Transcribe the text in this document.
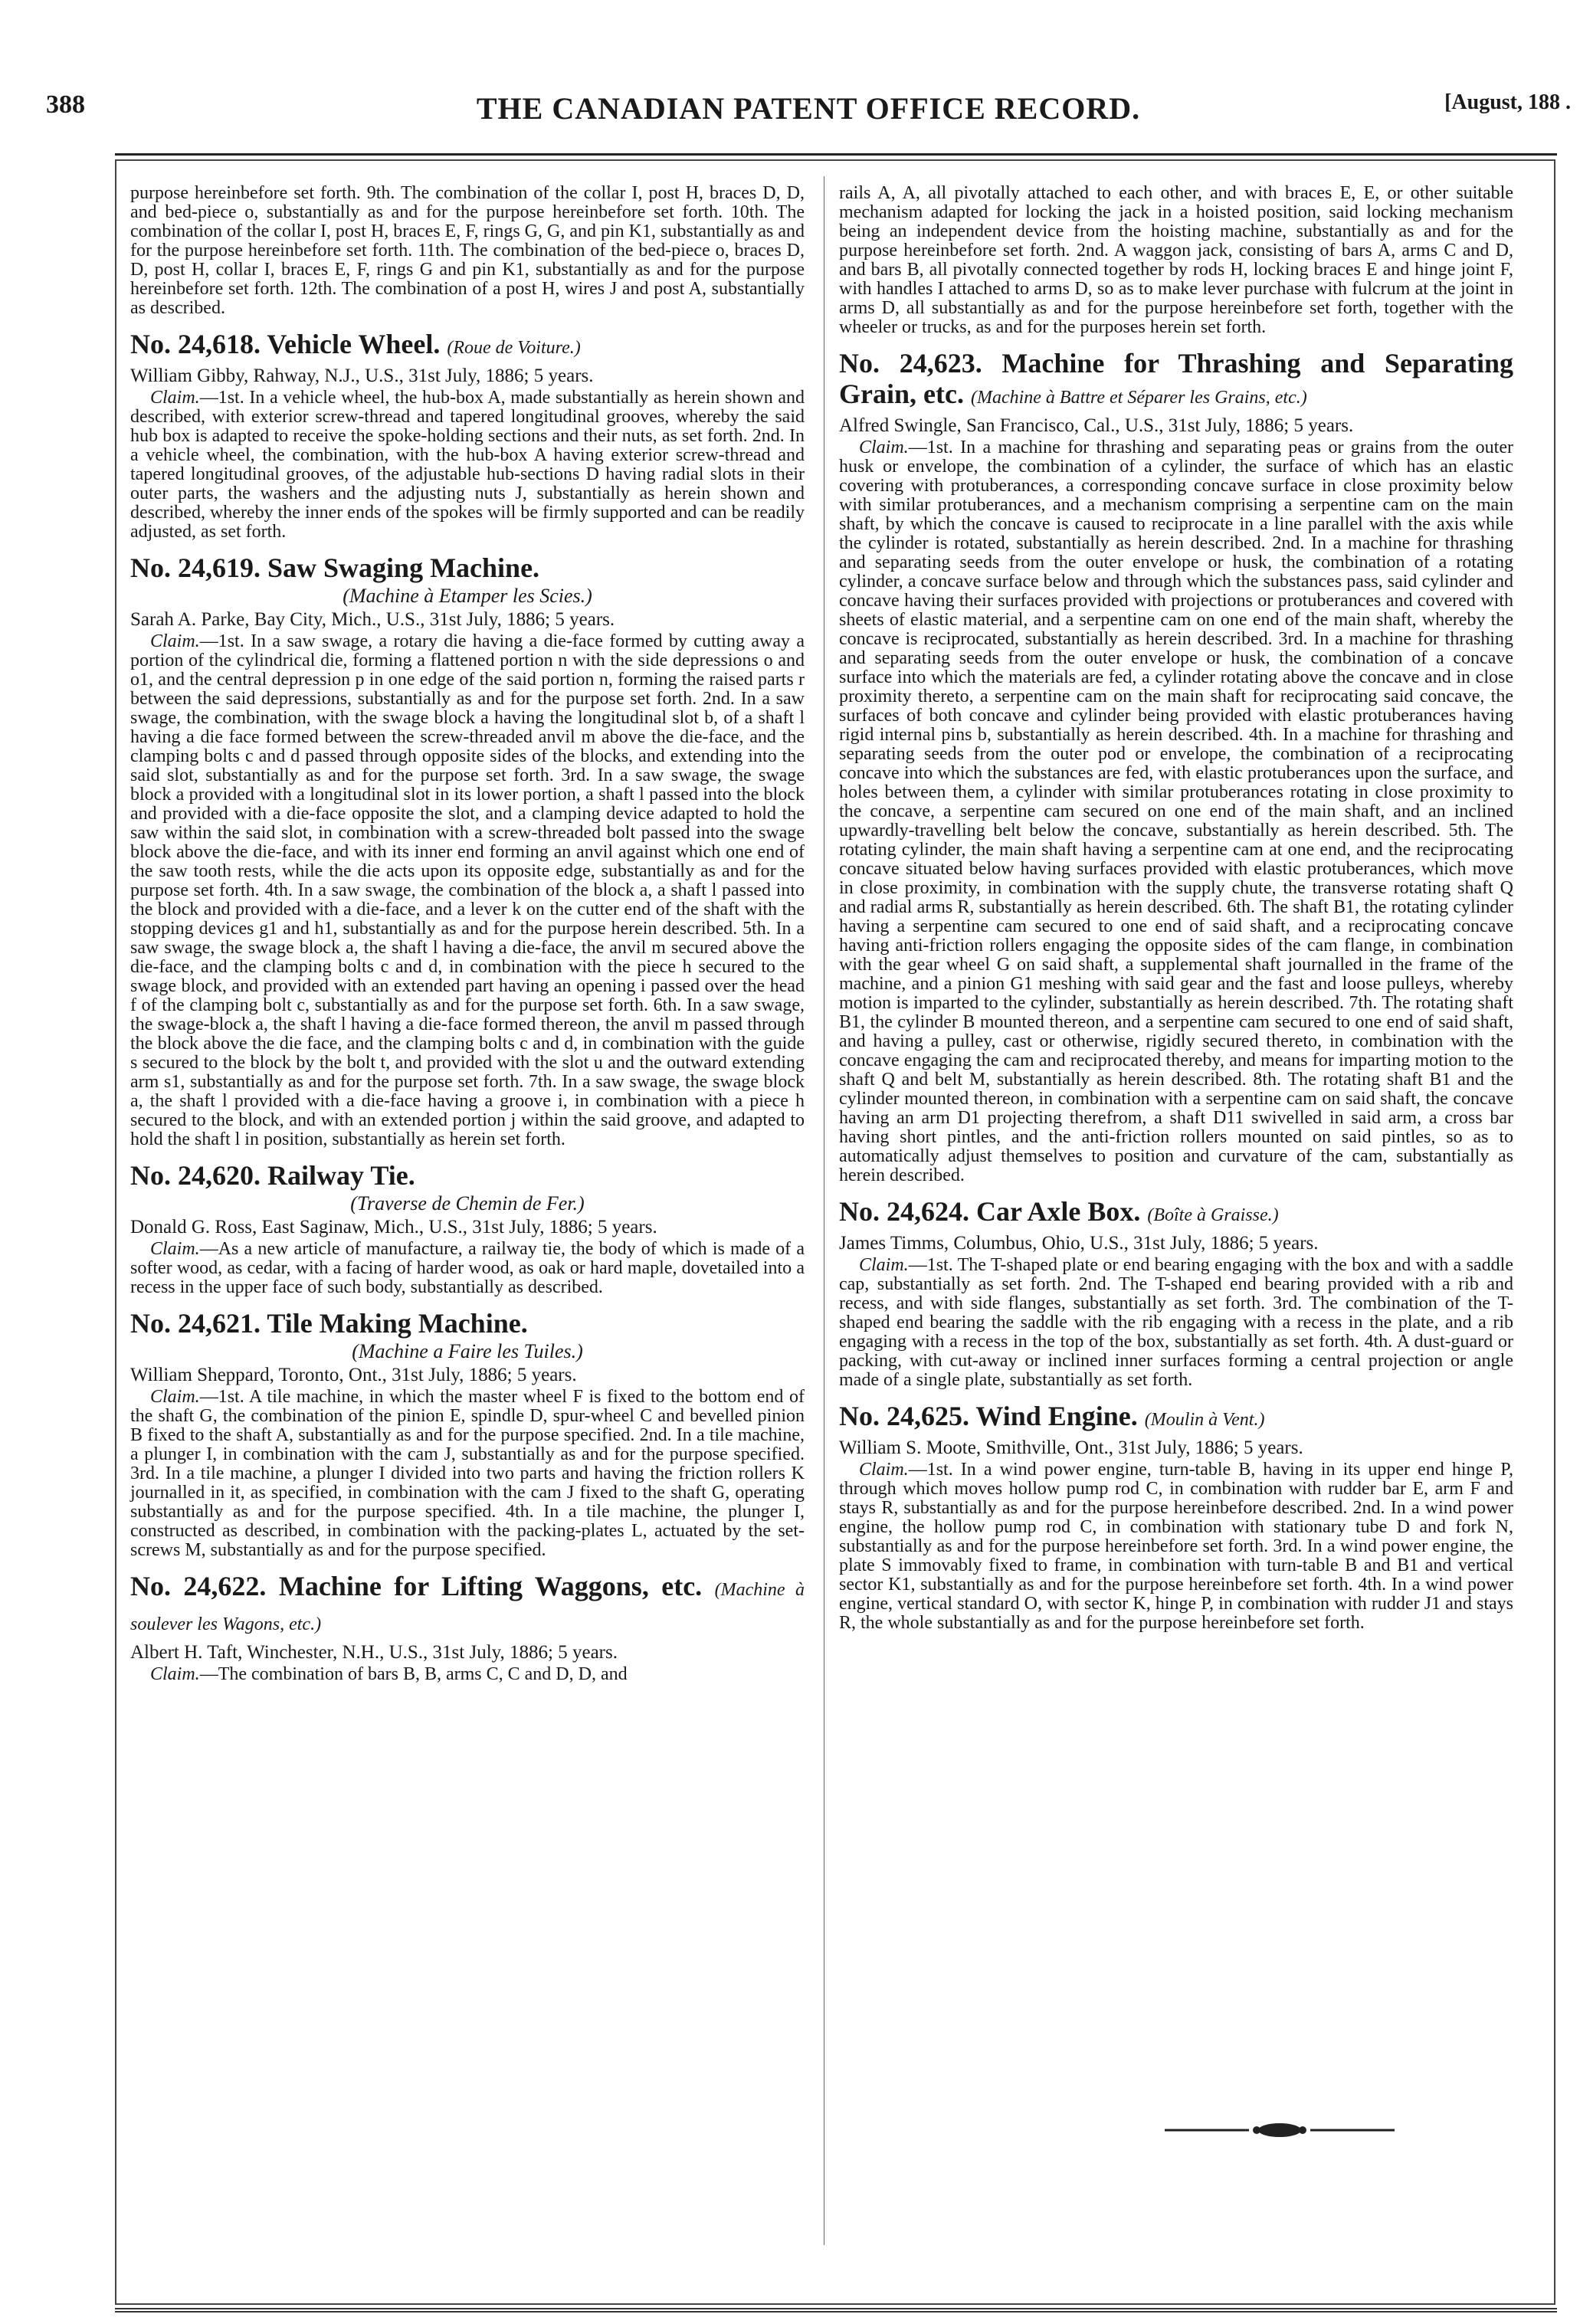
388	THE CANADIAN PATENT OFFICE RECORD.	[August, 188 .

purpose hereinbefore set forth. 9th. The combination of the collar I, post H, braces D, D, and bed-piece o, substantially as and for the purpose hereinbefore set forth. 10th. The combination of the collar I, post H, braces E, F, rings G, G, and pin K1, substantially as and for the purpose hereinbefore set forth. 11th. The combination of the bed-piece o, braces D, D, post H, collar I, braces E, F, rings G and pin K1, substantially as and for the purpose hereinbefore set forth. 12th. The combination of a post H, wires J and post A, substantially as described.

No. 24,618. Vehicle Wheel. (Roue de Voiture.)
William Gibby, Rahway, N.J., U.S., 31st July, 1886; 5 years.

Claim.—1st. In a vehicle wheel, the hub-box A, made substantially as herein shown and described, with exterior screw-thread and tapered longitudinal grooves, whereby the said hub box is adapted to receive the spoke-holding sections and their nuts, as set forth. 2nd. In a vehicle wheel, the combination, with the hub-box A having exterior screw-thread and tapered longitudinal grooves, of the adjustable hub-sections D having radial slots in their outer parts, the washers and the adjusting nuts J, substantially as herein shown and described, whereby the inner ends of the spokes will be firmly supported and can be readily adjusted, as set forth.

No. 24,619. Saw Swaging Machine.
(Machine à Etamper les Scies.)
Sarah A. Parke, Bay City, Mich., U.S., 31st July, 1886; 5 years.

Claim.—1st. In a saw swage, a rotary die having a die-face formed by cutting away a portion of the cylindrical die, forming a flattened portion n with the side depressions o and o1, and the central depression p in one edge of the said portion n, forming the raised parts r between the said depressions, substantially as and for the purpose set forth. 2nd. In a saw swage, the combination, with the swage block a having the longitudinal slot b, of a shaft l having a die face formed between the screw-threaded anvil m above the die-face, and the clamping bolts c and d passed through opposite sides of the blocks, and extending into the said slot, substantially as and for the purpose set forth. 3rd. In a saw swage, the swage block a provided with a longitudinal slot in its lower portion, a shaft l passed into the block and provided with a die-face opposite the slot, and a clamping device adapted to hold the saw within the said slot, in combination with a screw-threaded bolt passed into the swage block above the die-face, and with its inner end forming an anvil against which one end of the saw tooth rests, while the die acts upon its opposite edge, substantially as and for the purpose set forth. 4th. In a saw swage, the combination of the block a, a shaft l passed into the block and provided with a die-face, and a lever k on the cutter end of the shaft with the stopping devices g1 and h1, substantially as and for the purpose herein described. 5th. In a saw swage, the swage block a, the shaft l having a die-face, the anvil m secured above the die-face, and the clamping bolts c and d, in combination with the piece h secured to the swage block, and provided with an extended part having an opening i passed over the head f of the clamping bolt c, substantially as and for the purpose set forth. 6th. In a saw swage, the swage-block a, the shaft l having a die-face formed thereon, the anvil m passed through the block above the die face, and the clamping bolts c and d, in combination with the guide s secured to the block by the bolt t, and provided with the slot u and the outward extending arm s1, substantially as and for the purpose set forth. 7th. In a saw swage, the swage block a, the shaft l provided with a die-face having a groove i, in combination with a piece h secured to the block, and with an extended portion j within the said groove, and adapted to hold the shaft l in position, substantially as herein set forth.

No. 24,620. Railway Tie.
(Traverse de Chemin de Fer.)
Donald G. Ross, East Saginaw, Mich., U.S., 31st July, 1886; 5 years.

Claim.—As a new article of manufacture, a railway tie, the body of which is made of a softer wood, as cedar, with a facing of harder wood, as oak or hard maple, dovetailed into a recess in the upper face of such body, substantially as described.

No. 24,621. Tile Making Machine.
(Machine a Faire les Tuiles.)
William Sheppard, Toronto, Ont., 31st July, 1886; 5 years.

Claim.—1st. A tile machine, in which the master wheel F is fixed to the bottom end of the shaft G, the combination of the pinion E, spindle D, spur-wheel C and bevelled pinion B fixed to the shaft A, substantially as and for the purpose specified. 2nd. In a tile machine, a plunger I, in combination with the cam J, substantially as and for the purpose specified. 3rd. In a tile machine, a plunger I divided into two parts and having the friction rollers K journalled in it, as specified, in combination with the cam J fixed to the shaft G, operating substantially as and for the purpose specified. 4th. In a tile machine, the plunger I, constructed as described, in combination with the packing-plates L, actuated by the set-screws M, substantially as and for the purpose specified.

No. 24,622. Machine for Lifting Waggons, etc. (Machine à soulever les Wagons, etc.)
Albert H. Taft, Winchester, N.H., U.S., 31st July, 1886; 5 years.

Claim.—The combination of bars B, B, arms C, C and D, D, and

rails A, A, all pivotally attached to each other, and with braces E, E, or other suitable mechanism adapted for locking the jack in a hoisted position, said locking mechanism being an independent device from the hoisting machine, substantially as and for the purpose hereinbefore set forth. 2nd. A waggon jack, consisting of bars A, arms C and D, and bars B, all pivotally connected together by rods H, locking braces E and hinge joint F, with handles I attached to arms D, so as to make lever purchase with fulcrum at the joint in arms D, all substantially as and for the purpose hereinbefore set forth, together with the wheeler or trucks, as and for the purposes herein set forth.

No. 24,623. Machine for Thrashing and Separating Grain, etc. (Machine à Battre et Séparer les Grains, etc.)
Alfred Swingle, San Francisco, Cal., U.S., 31st July, 1886; 5 years.

Claim.—1st. In a machine for thrashing and separating peas or grains from the outer husk or envelope, the combination of a cylinder, the surface of which has an elastic covering with protuberances, a corresponding concave surface in close proximity below with similar protuberances, and a mechanism comprising a serpentine cam on the main shaft, by which the concave is caused to reciprocate in a line parallel with the axis while the cylinder is rotated, substantially as herein described. 2nd. In a machine for thrashing and separating seeds from the outer envelope or husk, the combination of a rotating cylinder, a concave surface below and through which the substances pass, said cylinder and concave having their surfaces provided with projections or protuberances and covered with sheets of elastic material, and a serpentine cam on one end of the main shaft, whereby the concave is reciprocated, substantially as herein described. 3rd. In a machine for thrashing and separating seeds from the outer envelope or husk, the combination of a concave surface into which the materials are fed, a cylinder rotating above the concave and in close proximity thereto, a serpentine cam on the main shaft for reciprocating said concave, the surfaces of both concave and cylinder being provided with elastic protuberances having rigid internal pins b, substantially as herein described. 4th. In a machine for thrashing and separating seeds from the outer pod or envelope, the combination of a reciprocating concave into which the substances are fed, with elastic protuberances upon the surface, and holes between them, a cylinder with similar protuberances rotating in close proximity to the concave, a serpentine cam secured on one end of the main shaft, and an inclined upwardly-travelling belt below the concave, substantially as herein described. 5th. The rotating cylinder, the main shaft having a serpentine cam at one end, and the reciprocating concave situated below having surfaces provided with elastic protuberances, which move in close proximity, in combination with the supply chute, the transverse rotating shaft Q and radial arms R, substantially as herein described. 6th. The shaft B1, the rotating cylinder having a serpentine cam secured to one end of said shaft, and a reciprocating concave having anti-friction rollers engaging the opposite sides of the cam flange, in combination with the gear wheel G on said shaft, a supplemental shaft journalled in the frame of the machine, and a pinion G1 meshing with said gear and the fast and loose pulleys, whereby motion is imparted to the cylinder, substantially as herein described. 7th. The rotating shaft B1, the cylinder B mounted thereon, and a serpentine cam secured to one end of said shaft, and having a pulley, cast or otherwise, rigidly secured thereto, in combination with the concave engaging the cam and reciprocated thereby, and means for imparting motion to the shaft Q and belt M, substantially as herein described. 8th. The rotating shaft B1 and the cylinder mounted thereon, in combination with a serpentine cam on said shaft, the concave having an arm D1 projecting therefrom, a shaft D11 swivelled in said arm, a cross bar having short pintles, and the anti-friction rollers mounted on said pintles, so as to automatically adjust themselves to position and curvature of the cam, substantially as herein described.

No. 24,624. Car Axle Box. (Boîte à Graisse.)
James Timms, Columbus, Ohio, U.S., 31st July, 1886; 5 years.

Claim.—1st. The T-shaped plate or end bearing engaging with the box and with a saddle cap, substantially as set forth. 2nd. The T-shaped end bearing provided with a rib and recess, and with side flanges, substantially as set forth. 3rd. The combination of the T-shaped end bearing the saddle with the rib engaging with a recess in the plate, and a rib engaging with a recess in the top of the box, substantially as set forth. 4th. A dust-guard or packing, with cut-away or inclined inner surfaces forming a central projection or angle made of a single plate, substantially as set forth.

No. 24,625. Wind Engine. (Moulin à Vent.)
William S. Moote, Smithville, Ont., 31st July, 1886; 5 years.

Claim.—1st. In a wind power engine, turn-table B, having in its upper end hinge P, through which moves hollow pump rod C, in combination with rudder bar E, arm F and stays R, substantially as and for the purpose hereinbefore described. 2nd. In a wind power engine, the hollow pump rod C, in combination with stationary tube D and fork N, substantially as and for the purpose hereinbefore set forth. 3rd. In a wind power engine, the plate S immovably fixed to frame, in combination with turn-table B and B1 and vertical sector K1, substantially as and for the purpose hereinbefore set forth. 4th. In a wind power engine, vertical standard O, with sector K, hinge P, in combination with rudder J1 and stays R, the whole substantially as and for the purpose hereinbefore set forth.
